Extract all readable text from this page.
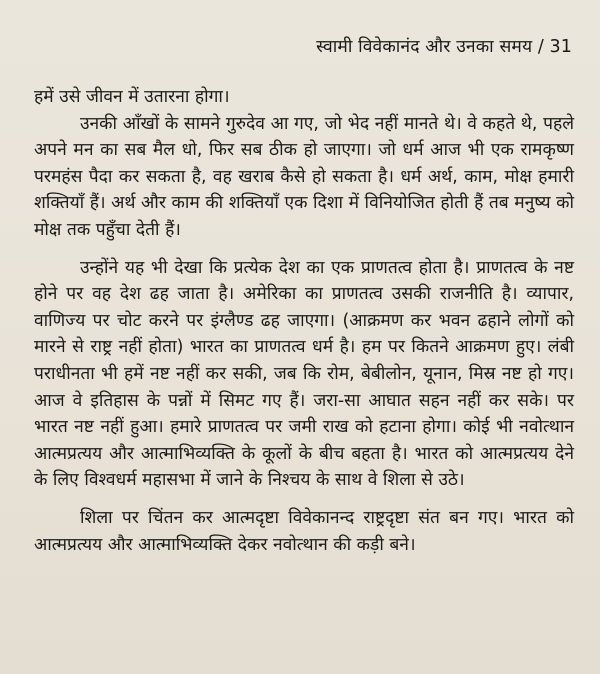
स्वामी विवेकानंद और उनका समय / 31

हमें उसे जीवन में उतारना होगा।

उनकी आँखों के सामने गुरुदेव आ गए, जो भेद नहीं मानते थे। वे कहते थे, पहले अपने मन का सब मैल धो, फिर सब ठीक हो जाएगा। जो धर्म आज भी एक रामकृष्ण परमहंस पैदा कर सकता है, वह खराब कैसे हो सकता है। धर्म अर्थ, काम, मोक्ष हमारी शक्तियाँ हैं। अर्थ और काम की शक्तियाँ एक दिशा में विनियोजित होती हैं तब मनुष्य को मोक्ष तक पहुँचा देती हैं।

उन्होंने यह भी देखा कि प्रत्येक देश का एक प्राणतत्व होता है। प्राणतत्व के नष्ट होने पर वह देश ढह जाता है। अमेरिका का प्राणतत्व उसकी राजनीति है। व्यापार, वाणिज्य पर चोट करने पर इंग्लैण्ड ढह जाएगा। (आक्रमण कर भवन ढहाने लोगों को मारने से राष्ट्र नहीं होता) भारत का प्राणतत्व धर्म है। हम पर कितने आक्रमण हुए। लंबी पराधीनता भी हमें नष्ट नहीं कर सकी, जब कि रोम, बेबीलोन, यूनान, मिस्र नष्ट हो गए। आज वे इतिहास के पन्नों में सिमट गए हैं। जरा-सा आघात सहन नहीं कर सके। पर भारत नष्ट नहीं हुआ। हमारे प्राणतत्व पर जमी राख को हटाना होगा। कोई भी नवोत्थान आत्मप्रत्यय और आत्माभिव्यक्ति के कूलों के बीच बहता है। भारत को आत्मप्रत्यय देने के लिए विश्वधर्म महासभा में जाने के निश्चय के साथ वे शिला से उठे।

शिला पर चिंतन कर आत्मदृष्टा विवेकानन्द राष्ट्रदृष्टा संत बन गए। भारत को आत्मप्रत्यय और आत्माभिव्यक्ति देकर नवोत्थान की कड़ी बने।
